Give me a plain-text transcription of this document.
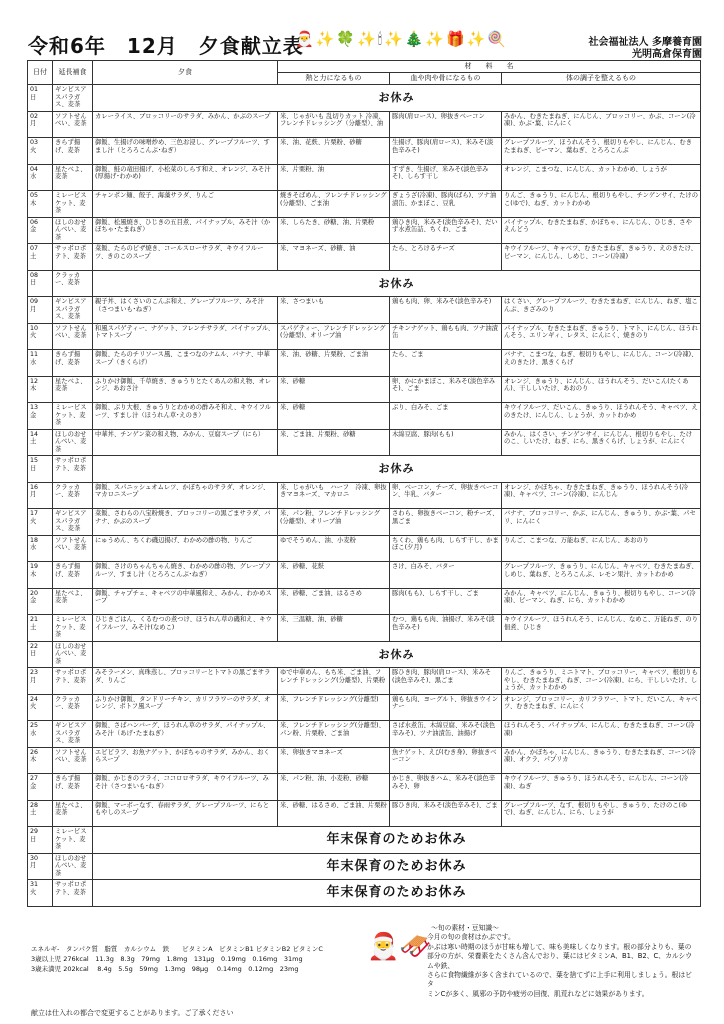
令和6年　12月　夕食献立表
🎅✨🍀✨🕯✨🎄✨🎁✨🍭	社会福祉法人 多摩養育園
光明高倉保育園
日付	延長補食	夕食	材　　料　　名		
			熱と力になるもの	血や肉や骨になるもの	体の調子を整えるもの

01
日	ギンビスアスパラガス、麦茶	お休み			

02
月	ソフトせんべい、麦茶	カレーライス、ブロッコリーのサラダ、みかん、かぶのスープ	米、じゃがいも 乱切りカット 冷凍、フレンチドレッシング（分離型）、油	豚肉(肩ロース)、卵抜きベーコン	みかん、むきたまねぎ、にんじん、ブロッコリー、かぶ、コーン(冷凍)、かぶ･葉、にんにく

03
火	きらず揚げ、麦茶	御飯、生揚げの味噌炒め、三色お浸し、グレープフルーツ、すまし汁（とろろこんぶ･ねぎ）	米、油、花麩、片栗粉、砂糖	生揚げ、豚肉(肩ロース)、米みそ(淡色辛みそ)	グレープフルーツ、ほうれんそう、根切りもやし、にんじん、むきたまねぎ、ピーマン、葉ねぎ、とろろこんぶ

04
水	星たべよ、麦茶	御飯、鮭の竜田揚げ、小松菜のしらす和え、オレンジ、みそ汁(厚揚げ･わかめ)	米、片栗粉、油	すずき、生揚げ、米みそ(淡色辛みそ)、しらす干し	オレンジ、こまつな、にんじん、カットわかめ、しょうが

05
木	ミレービスケット、麦茶	チャンポン麺、餃子、海藻サラダ、りんご	焼きそばめん、フレンチドレッシング(分離型)、ごま油	ぎょうざ(冷凍)、豚肉(ばら)、ツナ油漬缶、かまぼこ、豆乳	りんご、きゅうり、にんじん、根切りもやし、チンゲンサイ、たけのこ(ゆで)、ねぎ、カットわかめ

06
金	ほしのおせんべい、麦茶	御飯、松風焼き、ひじきの五目煮、パイナップル、みそ汁（かぼちゃ･たまねぎ）	米、しらたき、砂糖、油、片栗粉	鶏ひき肉、米みそ(淡色辛みそ)、だいず水煮缶詰、ちくわ、ごま	パイナップル、むきたまねぎ、かぼちゃ、にんじん、ひじき、さやえんどう

07
土	サッポロポテト、麦茶	菜飯、たらのピザ焼き、コールスローサラダ、キウイフルーツ、きのこのスープ	米、マヨネーズ、砂糖、油	たら、とろけるチーズ	キウイフルーツ、キャベツ、むきたまねぎ、きゅうり、えのきたけ、ピーマン、にんじん、しめじ、コーン(冷凍)

08
日	クラッカー、麦茶	お休み			

09
月	ギンビスアスパラガス、麦茶	親子丼、はくさいのこんぶ和え、グレープフルーツ、みそ汁（さつまいも･ねぎ）	米、さつまいも	鶏もも肉、卵、米みそ(淡色辛みそ)	はくさい、グレープフルーツ、むきたまねぎ、にんじん、ねぎ、塩こんぶ、きざみのり

10
火	ソフトせんべい、麦茶	和風スパゲティー、ナゲット、フレンチサラダ、パイナップル、トマトスープ	スパゲティー、フレンチドレッシング(分離型)、オリーブ油	チキンナゲット、鶏もも肉、ツナ油漬缶	パイナップル、むきたまねぎ、きゅうり、トマト、にんじん、ほうれんそう、エリンギィ、レタス、にんにく、焼きのり

11
水	きらず揚げ、麦茶	御飯、たらのチリソース風、こまつなのナムル、バナナ、中華スープ（きくらげ）	米、油、砂糖、片栗粉、ごま油	たら、ごま	バナナ、こまつな、ねぎ、根切りもやし、にんじん、コーン(冷凍)、えのきたけ、黒きくらげ

12
木	星たべよ、麦茶	ふりかけ御飯、千草焼き、きゅうりとたくあんの和え物、オレンジ、あおさ汁	米、砂糖	卵、かにかまぼこ、米みそ(淡色辛みそ)、ごま	オレンジ、きゅうり、にんじん、ほうれんそう、だいこん(たくあん)、干ししいたけ、あおのり

13
金	ミレービスケット、麦茶	御飯、ぶり大根、きゅうりとわかめの酢みそ和え、キウイフルーツ、すまし汁（ほうれん草･えのき）	米、砂糖	ぶり、白みそ、ごま	キウイフルーツ、だいこん、きゅうり、ほうれんそう、キャベツ、えのきたけ、にんじん、しょうが、カットわかめ

14
土	ほしのおせんべい、麦茶	中華丼、チンゲン菜の和え物、みかん、豆腐スープ（にら）	米、ごま油、片栗粉、砂糖	木綿豆腐、豚肉(もも)	みかん、はくさい、チンゲンサイ、にんじん、根切りもやし、たけのこ、しいたけ、ねぎ、にら、黒きくらげ、しょうが、にんにく

15
日	サッポロポテト、麦茶	お休み			

16
月	クラッカー、麦茶	御飯、スパニッシュオムレツ、かぼちゃのサラダ、オレンジ、マカロニスープ	米、じゃがいも　ハーフ　冷凍、卵抜きマヨネーズ、マカロニ	卵、ベーコン、チーズ、卵抜きベーコン、牛乳、バター	オレンジ、かぼちゃ、むきたまねぎ、きゅうり、ほうれんそう(冷凍)、キャベツ、コーン(冷凍)、にんじん

17
火	ギンビスアスパラガス、麦茶	菜飯、さわらの八宝粉焼き、ブロッコリーの黒ごまサラダ、バナナ、かぶのスープ	米、パン粉、フレンチドレッシング(分離型)、オリーブ油	さわら、卵抜きベーコン、粉チーズ、黒ごま	バナナ、ブロッコリー、かぶ、にんじん、きゅうり、かぶ･葉、パセリ、にんにく

18
水	ソフトせんべい、麦茶	にゅうめん、ちくわ磯辺揚げ、わかめの酢の物、りんご	ゆでそうめん、油、小麦粉	ちくわ、鶏もも肉、しらす干し、かまぼこ(夕月)	りんご、こまつな、万能ねぎ、にんじん、あおのり

19
木	きらず揚げ、麦茶	御飯、さけのちゃんちゃん焼き、わかめの酢の物、グレープフルーツ、すまし汁（とろろこんぶ･ねぎ）	米、砂糖、花麩	さけ、白みそ、バター	グレープフルーツ、きゅうり、にんじん、キャベツ、むきたまねぎ、しめじ、葉ねぎ、とろろこんぶ、レモン果汁、カットわかめ

20
金	星たべよ、麦茶	御飯、チャプチェ、キャベツの中華風和え、みかん、わかめスープ	米、砂糖、ごま油、はるさめ	豚肉(もも)、しらす干し、ごま	みかん、キャベツ、にんじん、きゅうり、根切りもやし、コーン(冷凍)、ピーマン、ねぎ、にら、カットわかめ

21
土	ミレービスケット、麦茶	ひじきごはん、くるむつの煮つけ、ほうれん草の磯和え、キウイフルーツ、みそ汁(なめこ)	米、三温糖、油、砂糖	むつ、鶏もも肉、油揚げ、米みそ(淡色辛みそ)	キウイフルーツ、ほうれんそう、にんじん、なめこ、万能ねぎ、のり佃煮、ひじき

22
日	ほしのおせんべい、麦茶	お休み			

23
月	サッポロポテト、麦茶	みそラーメン、真珠蒸し、ブロッコリーとトマトの黒ごまサラダ、りんご	ゆで中華めん、もち米、ごま油、フレンチドレッシング(分離型)、片栗粉	豚ひき肉、豚肉(肩ロース)、米みそ(淡色辛みそ)、黒ごま	りんご、きゅうり、ミニトマト、ブロッコリー、キャベツ、根切りもやし、むきたまねぎ、ねぎ、コーン(冷凍)、にら、干ししいたけ、しょうが、カットわかめ

24
火	クラッカー、麦茶	ふりかけ御飯、タンドリーチキン、カリフラワーのサラダ、オレンジ、ポトフ風スープ	米、フレンチドレッシング(分離型)	鶏もも肉、ヨーグルト、卵抜きウインナー	オレンジ、ブロッコリー、カリフラワー、トマト、だいこん、キャベツ、むきたまねぎ、にんにく

25
水	ギンビスアスパラガス、麦茶	御飯、さばハンバーグ、ほうれん草のサラダ、パイナップル、みそ汁（あげ･たまねぎ）	米、フレンチドレッシング(分離型)、パン粉、片栗粉、ごま油	さば水煮缶、木綿豆腐、米みそ(淡色辛みそ)、ツナ油漬缶、油揚げ	ほうれんそう、パイナップル、にんじん、むきたまねぎ、コーン(冷凍)

26
木	ソフトせんべい、麦茶	エビピラフ、お魚ナゲット、かぼちゃのサラダ、みかん、おくらスープ	米、卵抜きマヨネーズ	魚ナゲット、えび(むき身)、卵抜きベーコン	みかん、かぼちゃ、にんじん、きゅうり、むきたまねぎ、コーン(冷凍)、オクラ、パプリカ

27
金	きらず揚げ、麦茶	御飯、かじきのフライ、ココロロサラダ、キウイフルーツ、みそ汁（さつまいも･ねぎ）	米、パン粉、油、小麦粉、砂糖	かじき、卵抜きハム、米みそ(淡色辛みそ)、卵	キウイフルーツ、きゅうり、ほうれんそう、にんじん、コーン(冷凍)、ねぎ

28
土	星たべよ、麦茶	御飯、マーボーなす、春雨サラダ、グレープフルーツ、にらともやしのスープ	米、砂糖、はるさめ、ごま油、片栗粉	豚ひき肉、米みそ(淡色辛みそ)、ごま	グレープフルーツ、なす、根切りもやし、きゅうり、たけのこ(ゆで)、ねぎ、にんじん、にら、しょうが

29
日	ミレービスケット、麦茶	年末保育のためお休み			

30
月	ほしのおせんべい、麦茶	年末保育のためお休み			

31
火	サッポロポテト、麦茶	年末保育のためお休み			
エネルギ‐　タンパク質　脂質　カルシウム　鉄　　ビタミンA　ビタミンB1 ビタミンB2 ビタミンC
3歳以上児 276kcal　11.3g　8.3g　79mg　1.8mg　131μg　0.19mg　0.16mg　31mg
3歳未満児 202kcal　 8.4g　5.5g　59mg　1.3mg　98μg　 0.14mg　0.12mg　23mg
献立は仕入れの都合で変更することがあります。ご了承ください
🎅🛷
～旬の素材・豆知識～
今月の旬の食材はかぶです。
かぶは寒い時期のほうが甘味も増して、味も美味しくなります。根の部分よりも、葉の
部分の方が、栄養素をたくさん含んでおり、葉にはビタミンA、B1、B2、C、カルシウムや鉄、
さらに食物繊維が多く含まれているので、葉を捨てずに上手に利用しましょう。根はビタ
ミンCが多く、風邪の予防や疲労の回復、肌荒れなどに効果があります。
